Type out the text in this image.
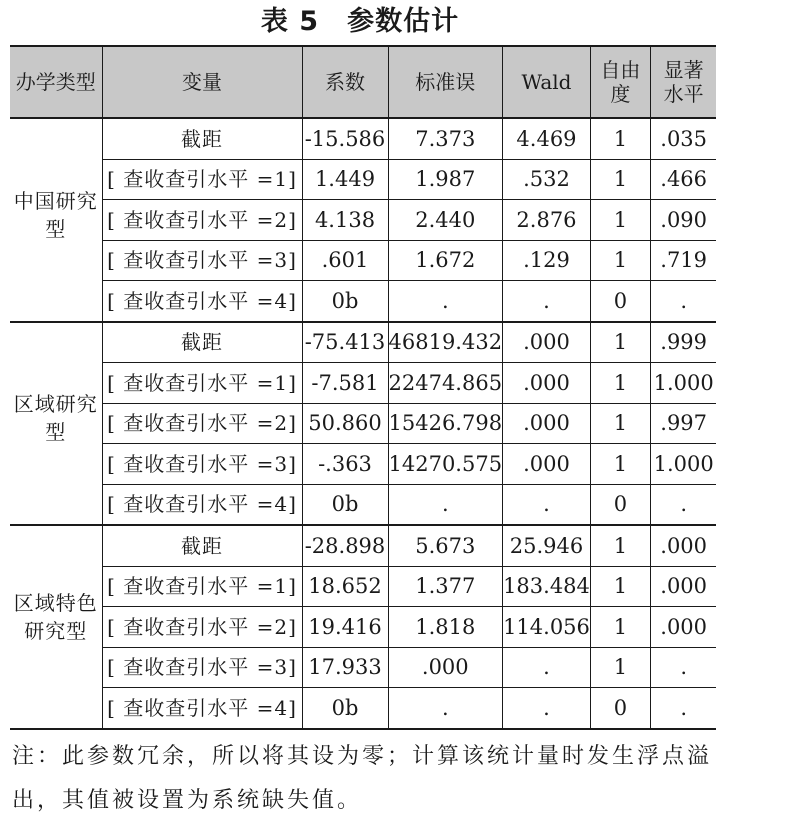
表 5　参数估计
办学类型	变量	系数	标准误	Wald	自由度	显著水平
中国研究型	截距	-15.586	7.373	4.469	1	.035
	[ 查收查引水平 =1]	1.449	1.987	.532	1	.466
	[ 查收查引水平 =2]	4.138	2.440	2.876	1	.090
	[ 查收查引水平 =3]	.601	1.672	.129	1	.719
	[ 查收查引水平 =4]	0b	.	.	0	.
区域研究型	截距	-75.413	46819.432	.000	1	.999
	[ 查收查引水平 =1]	-7.581	22474.865	.000	1	1.000
	[ 查收查引水平 =2]	50.860	15426.798	.000	1	.997
	[ 查收查引水平 =3]	-.363	14270.575	.000	1	1.000
	[ 查收查引水平 =4]	0b	.	.	0	.
区域特色研究型	截距	-28.898	5.673	25.946	1	.000
	[ 查收查引水平 =1]	18.652	1.377	183.484	1	.000
	[ 查收查引水平 =2]	19.416	1.818	114.056	1	.000
	[ 查收查引水平 =3]	17.933	.000	.	1	.
	[ 查收查引水平 =4]	0b	.	.	0	.
注：此参数冗余，所以将其设为零；计算该统计量时发生浮点溢出，其值被设置为系统缺失值。
